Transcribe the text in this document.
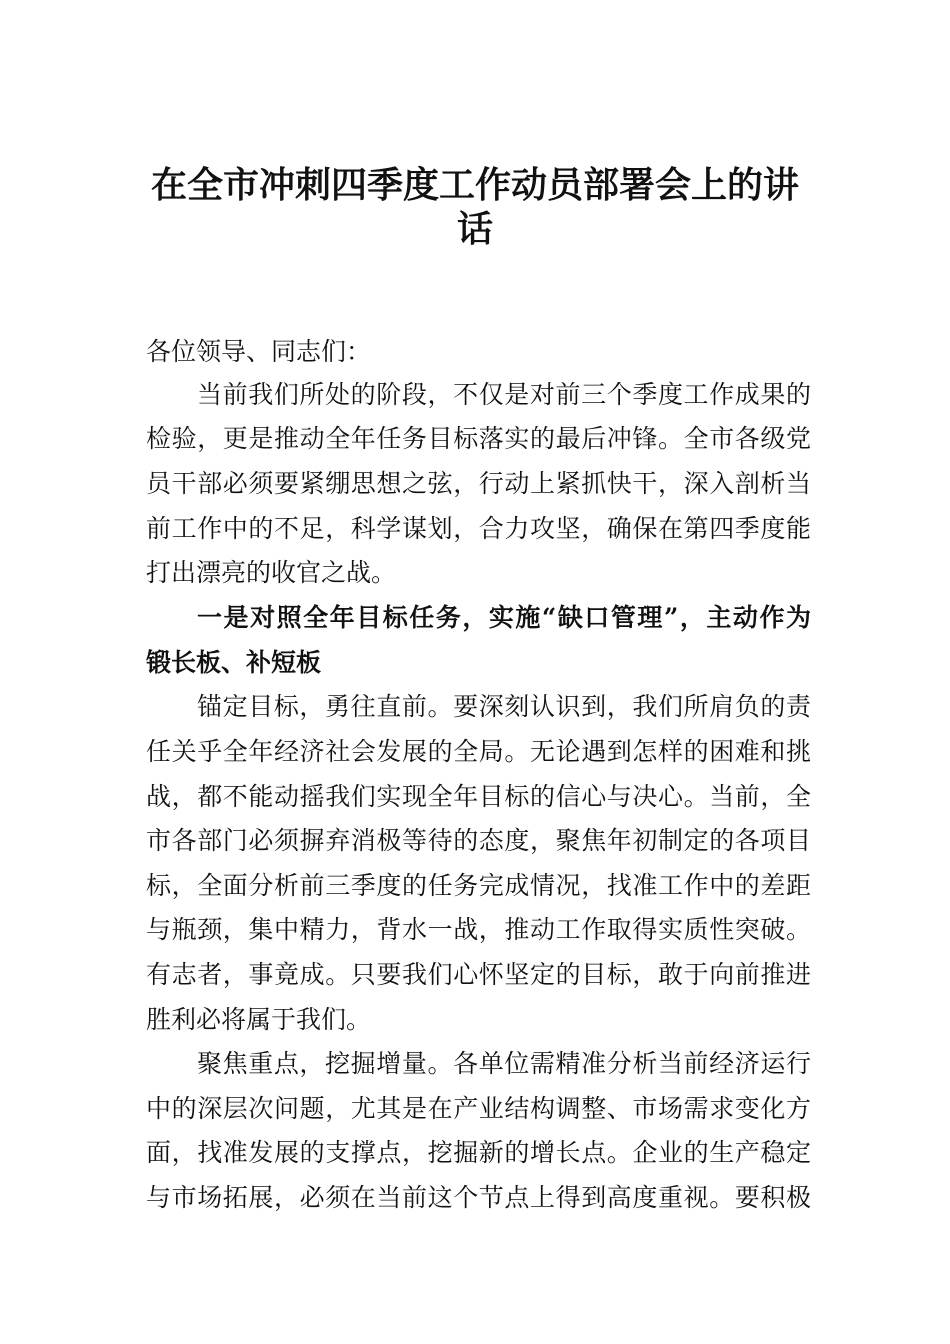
在全市冲刺四季度工作动员部署会上的讲
话
各位领导、同志们：
当前我们所处的阶段，不仅是对前三个季度工作成果的
检验，更是推动全年任务目标落实的最后冲锋。全市各级党
员干部必须要紧绷思想之弦，行动上紧抓快干，深入剖析当
前工作中的不足，科学谋划，合力攻坚，确保在第四季度能
打出漂亮的收官之战。
一是对照全年目标任务，实施“缺口管理”，主动作为
锻长板、补短板
锚定目标，勇往直前。要深刻认识到，我们所肩负的责
任关乎全年经济社会发展的全局。无论遇到怎样的困难和挑
战，都不能动摇我们实现全年目标的信心与决心。当前，全
市各部门必须摒弃消极等待的态度，聚焦年初制定的各项目
标，全面分析前三季度的任务完成情况，找准工作中的差距
与瓶颈，集中精力，背水一战，推动工作取得实质性突破。
有志者，事竟成。只要我们心怀坚定的目标，敢于向前推进
胜利必将属于我们。
聚焦重点，挖掘增量。各单位需精准分析当前经济运行
中的深层次问题，尤其是在产业结构调整、市场需求变化方
面，找准发展的支撑点，挖掘新的增长点。企业的生产稳定
与市场拓展，必须在当前这个节点上得到高度重视。要积极
